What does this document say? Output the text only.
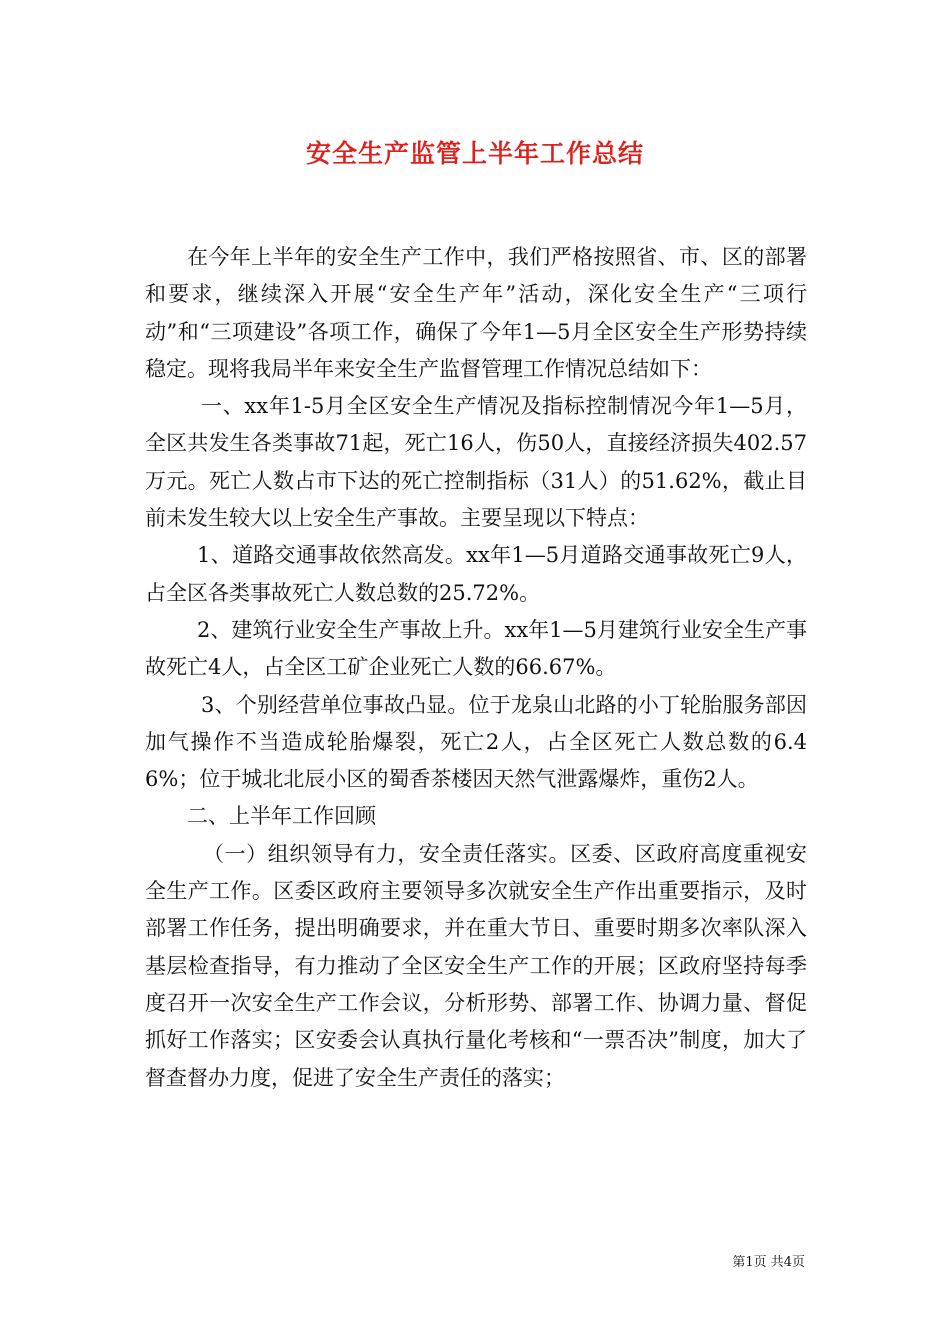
安全生产监管上半年工作总结

在今年上半年的安全生产工作中，我们严格按照省、市、区的部署和要求，继续深入开展“安全生产年”活动，深化安全生产“三项行动”和“三项建设”各项工作，确保了今年1—5月全区安全生产形势持续稳定。现将我局半年来安全生产监督管理工作情况总结如下：

一、xx年1-5月全区安全生产情况及指标控制情况今年1—5月，全区共发生各类事故71起，死亡16人，伤50人，直接经济损失402.57万元。死亡人数占市下达的死亡控制指标（31人）的51.62%，截止目前未发生较大以上安全生产事故。主要呈现以下特点：

1、道路交通事故依然高发。xx年1—5月道路交通事故死亡9人，占全区各类事故死亡人数总数的25.72%。

2、建筑行业安全生产事故上升。xx年1—5月建筑行业安全生产事故死亡4人，占全区工矿企业死亡人数的66.67%。

3、个别经营单位事故凸显。位于龙泉山北路的小丁轮胎服务部因加气操作不当造成轮胎爆裂，死亡2人，占全区死亡人数总数的6.46%；位于城北北辰小区的蜀香茶楼因天然气泄露爆炸，重伤2人。

二、上半年工作回顾

（一）组织领导有力，安全责任落实。区委、区政府高度重视安全生产工作。区委区政府主要领导多次就安全生产作出重要指示，及时部署工作任务，提出明确要求，并在重大节日、重要时期多次率队深入基层检查指导，有力推动了全区安全生产工作的开展；区政府坚持每季度召开一次安全生产工作会议，分析形势、部署工作、协调力量、督促抓好工作落实；区安委会认真执行量化考核和“一票否决”制度，加大了督查督办力度，促进了安全生产责任的落实；

第1页 共4页
